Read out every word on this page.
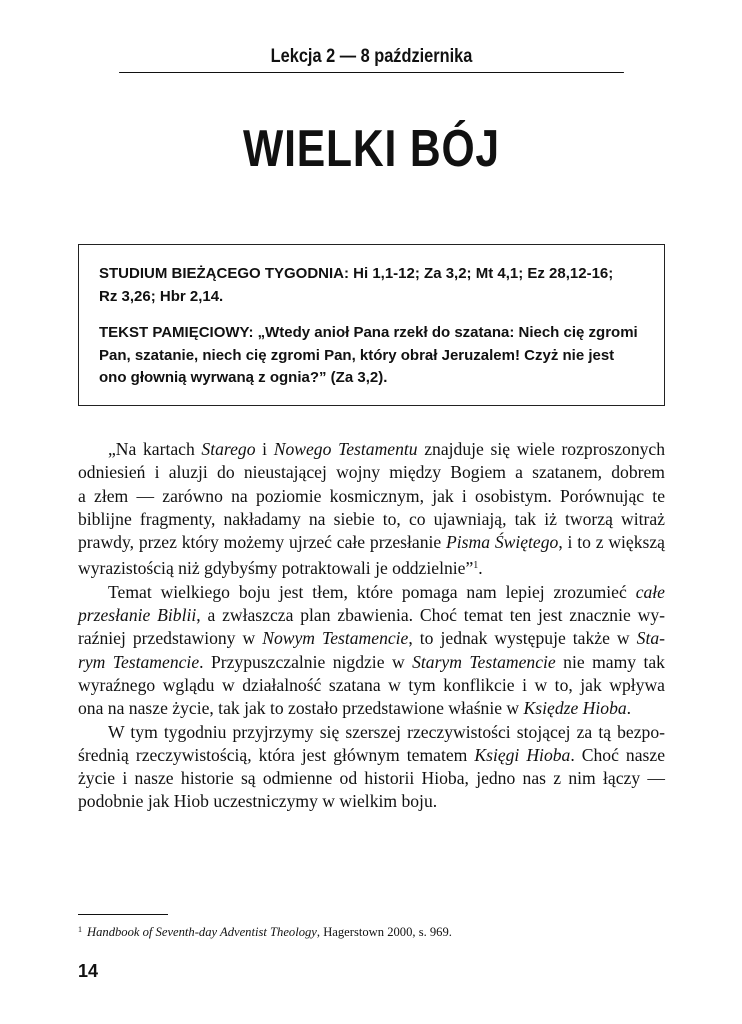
Lekcja 2 — 8 października
WIELKI BÓJ

STUDIUM BIEŻĄCEGO TYGODNIA: Hi 1,1-12; Za 3,2; Mt 4,1; Ez 28,12-16;
Rz 3,26; Hbr 2,14.

TEKST PAMIĘCIOWY: „Wtedy anioł Pana rzekł do szatana: Niech cię zgromi
Pan, szatanie, niech cię zgromi Pan, który obrał Jeruzalem! Czyż nie jest
ono głownią wyrwaną z ognia?” (Za 3,2).

„Na kartach Starego i Nowego Testamentu znajduje się wiele rozproszonych
odniesień i aluzji do nieustającej wojny między Bogiem a szatanem, dobrem
a złem — zarówno na poziomie kosmicznym, jak i osobistym. Porównując te
biblijne fragmenty, nakładamy na siebie to, co ujawniają, tak iż tworzą witraż
prawdy, przez który możemy ujrzeć całe przesłanie Pisma Świętego, i to z większą
wyrazistością niż gdybyśmy potraktowali je oddzielnie”$^1$.
Temat wielkiego boju jest tłem, które pomaga nam lepiej zrozumieć całe
przesłanie Biblii, a zwłaszcza plan zbawienia. Choć temat ten jest znacznie wy-
raźniej przedstawiony w Nowym Testamencie, to jednak występuje także w Sta-
rym Testamencie. Przypuszczalnie nigdzie w Starym Testamencie nie mamy tak
wyraźnego wglądu w działalność szatana w tym konflikcie i w to, jak wpływa
ona na nasze życie, tak jak to zostało przedstawione właśnie w Księdze Hioba.
W tym tygodniu przyjrzymy się szerszej rzeczywistości stojącej za tą bezpo-
średnią rzeczywistością, która jest głównym tematem Księgi Hioba. Choć nasze
życie i nasze historie są odmienne od historii Hioba, jedno nas z nim łączy —
podobnie jak Hiob uczestniczymy w wielkim boju.
$^1$ Handbook of Seventh-day Adventist Theology, Hagerstown 2000, s. 969.
14
